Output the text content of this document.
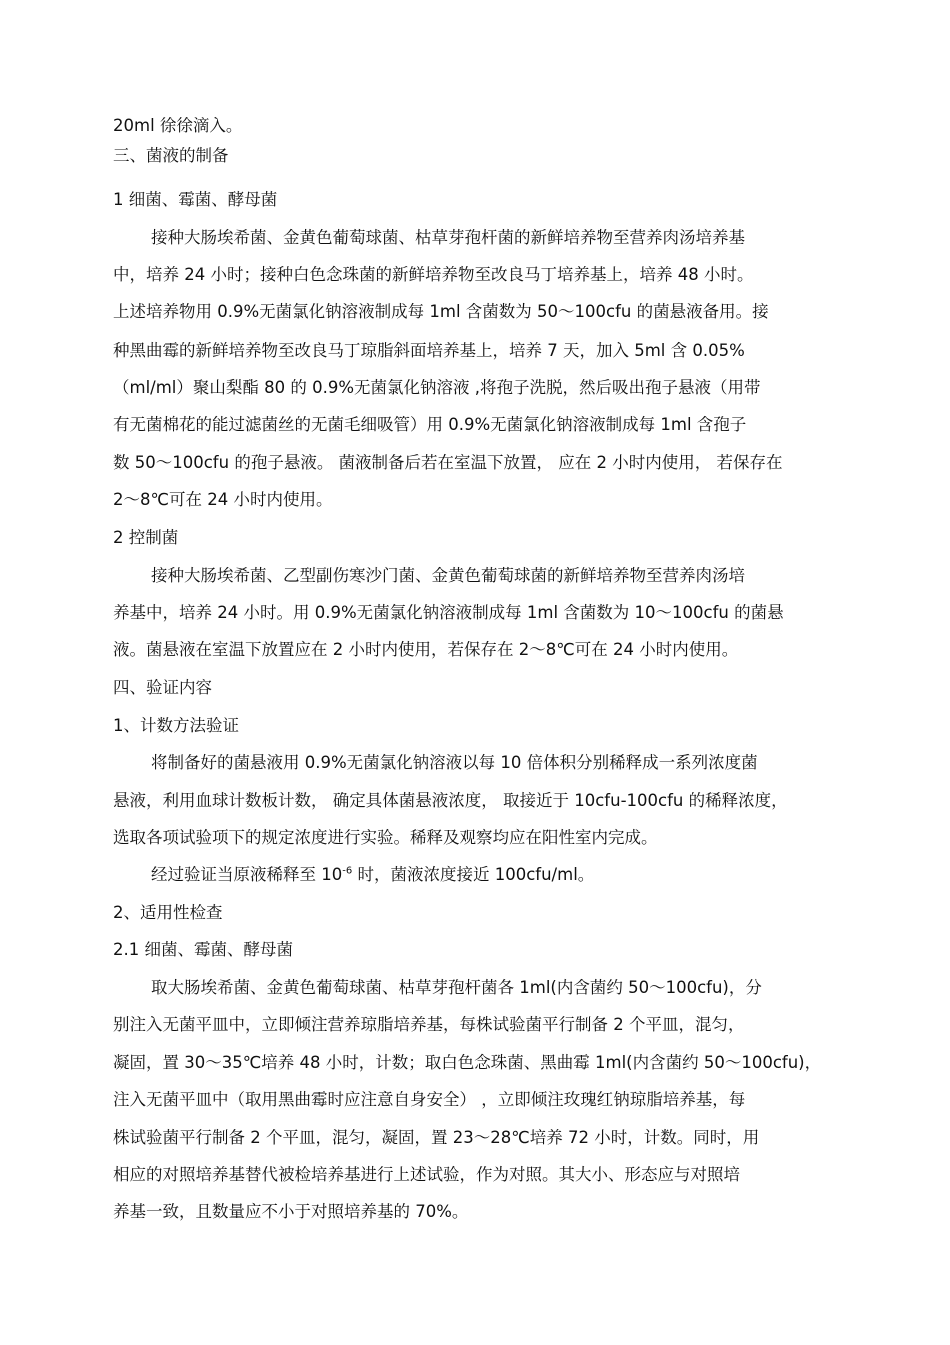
20ml 徐徐滴入。

三、菌液的制备

1 细菌、霉菌、酵母菌

接种大肠埃希菌、金黄色葡萄球菌、枯草芽孢杆菌的新鲜培养物至营养肉汤培养基

中，培养 24 小时；接种白色念珠菌的新鲜培养物至改良马丁培养基上，培养 48 小时。

上述培养物用 0.9%无菌氯化钠溶液制成每 1ml 含菌数为 50～100cfu 的菌悬液备用。接

种黑曲霉的新鲜培养物至改良马丁琼脂斜面培养基上，培养 7 天，加入 5ml 含 0.05%

（ml/ml）聚山梨酯 80 的 0.9%无菌氯化钠溶液 ,将孢子洗脱，然后吸出孢子悬液（用带

有无菌棉花的能过滤菌丝的无菌毛细吸管）用 0.9%无菌氯化钠溶液制成每 1ml 含孢子

数 50～100cfu 的孢子悬液。 菌液制备后若在室温下放置， 应在 2 小时内使用， 若保存在

2～8℃可在 24 小时内使用。

2 控制菌

接种大肠埃希菌、乙型副伤寒沙门菌、金黄色葡萄球菌的新鲜培养物至营养肉汤培

养基中，培养 24 小时。用 0.9%无菌氯化钠溶液制成每 1ml 含菌数为 10～100cfu 的菌悬

液。菌悬液在室温下放置应在 2 小时内使用，若保存在 2～8℃可在 24 小时内使用。

四、验证内容

1、计数方法验证

将制备好的菌悬液用 0.9%无菌氯化钠溶液以每 10 倍体积分别稀释成一系列浓度菌

悬液，利用血球计数板计数， 确定具体菌悬液浓度， 取接近于 10cfu-100cfu 的稀释浓度，

选取各项试验项下的规定浓度进行实验。稀释及观察均应在阳性室内完成。

经过验证当原液稀释至 $10^{-6}$ 时，菌液浓度接近 100cfu/ml。

2、适用性检查

2.1 细菌、霉菌、酵母菌

取大肠埃希菌、金黄色葡萄球菌、枯草芽孢杆菌各 1ml(内含菌约 50～100cfu)，分

别注入无菌平皿中，立即倾注营养琼脂培养基，每株试验菌平行制备 2 个平皿，混匀，

凝固，置 30～35℃培养 48 小时，计数；取白色念珠菌、黑曲霉 1ml(内含菌约 50～100cfu)，

注入无菌平皿中（取用黑曲霉时应注意自身安全） ，立即倾注玫瑰红钠琼脂培养基，每

株试验菌平行制备 2 个平皿，混匀，凝固，置 23～28℃培养 72 小时，计数。同时，用

相应的对照培养基替代被检培养基进行上述试验，作为对照。其大小、形态应与对照培

养基一致，且数量应不小于对照培养基的 70%。
